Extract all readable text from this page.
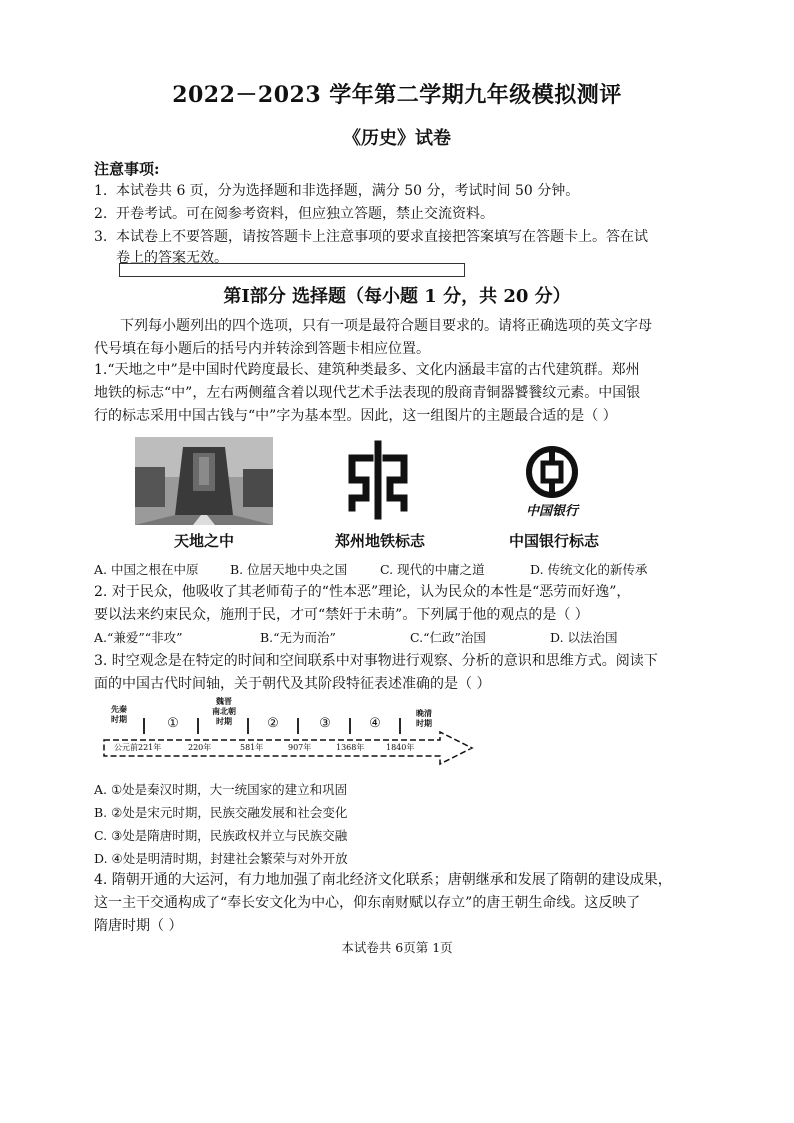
2022－2023 学年第二学期九年级模拟测评
《历史》试卷
注意事项:
1. 本试卷共 6 页，分为选择题和非选择题，满分 50 分，考试时间 50 分钟。
2. 开卷考试。可在阅参考资料，但应独立答题，禁止交流资料。
3. 本试卷上不要答题，请按答题卡上注意事项的要求直接把答案填写在答题卡上。答在试
卷上的答案无效。
第Ⅰ部分 选择题（每小题 1 分，共 20 分）
下列每小题列出的四个选项，只有一项是最符合题目要求的。请将正确选项的英文字母
代号填在每小题后的括号内并转涂到答题卡相应位置。
1.“天地之中”是中国时代跨度最长、建筑种类最多、文化内涵最丰富的古代建筑群。郑州
地铁的标志“中”，左右两侧蕴含着以现代艺术手法表现的殷商青铜器饕餮纹元素。中国银
行的标志采用中国古钱与“中”字为基本型。因此，这一组图片的主题最合适的是（ ）
天地之中	郑州地铁标志
中国银行
中国银行标志
A. 中国之根在中原	B. 位居天地中央之国	C. 现代的中庸之道	D. 传统文化的新传承
2. 对于民众，他吸收了其老师荀子的“性本恶”理论，认为民众的本性是“恶劳而好逸”，
要以法来约束民众，施刑于民，才可“禁奸于未萌”。下列属于他的观点的是（ ）
A.“兼爱”“非攻”	B.“无为而治”	C.“仁政”治国	D. 以法治国
3. 时空观念是在特定的时间和空间联系中对事物进行观察、分析的意识和思维方式。阅读下
面的中国古代时间轴，关于朝代及其阶段特征表述准确的是（ ）
先秦
时期	①
魏晋
南北朝
时期	②	③	④
晚清
时期
公元前221年	220年	581年	907年	1368年	1840年
A. ①处是秦汉时期，大一统国家的建立和巩固
B. ②处是宋元时期，民族交融发展和社会变化
C. ③处是隋唐时期，民族政权并立与民族交融
D. ④处是明清时期，封建社会繁荣与对外开放
4. 隋朝开通的大运河，有力地加强了南北经济文化联系；唐朝继承和发展了隋朝的建设成果，
这一主干交通构成了“奉长安文化为中心，仰东南财赋以存立”的唐王朝生命线。这反映了
隋唐时期（ ）
本试卷共 6页第 1页
